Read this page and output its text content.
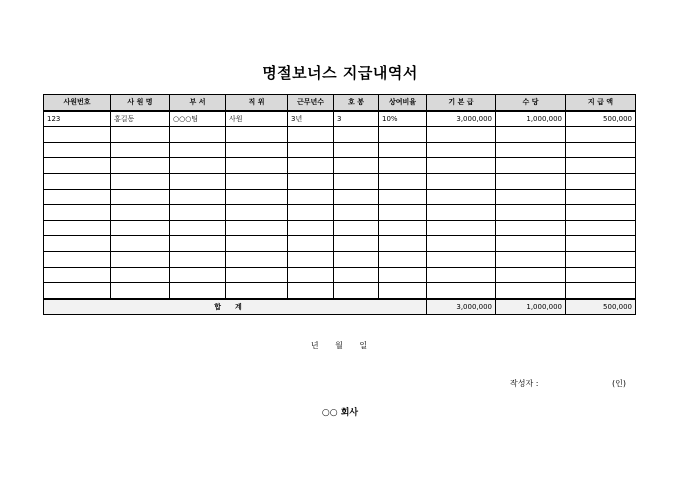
명절보너스 지급내역서
사원번호	사 원 명	부 서	직 위	근무년수	호 봉	상여비율	기 본 급	수 당	지 급 액
123	홍길동	○○○팀	사원	3년	3	10%	3,000,000	1,000,000	500,000

합계							3,000,000	1,000,000	500,000
년 월 일
작성자 :	(인)
○○ 회사
